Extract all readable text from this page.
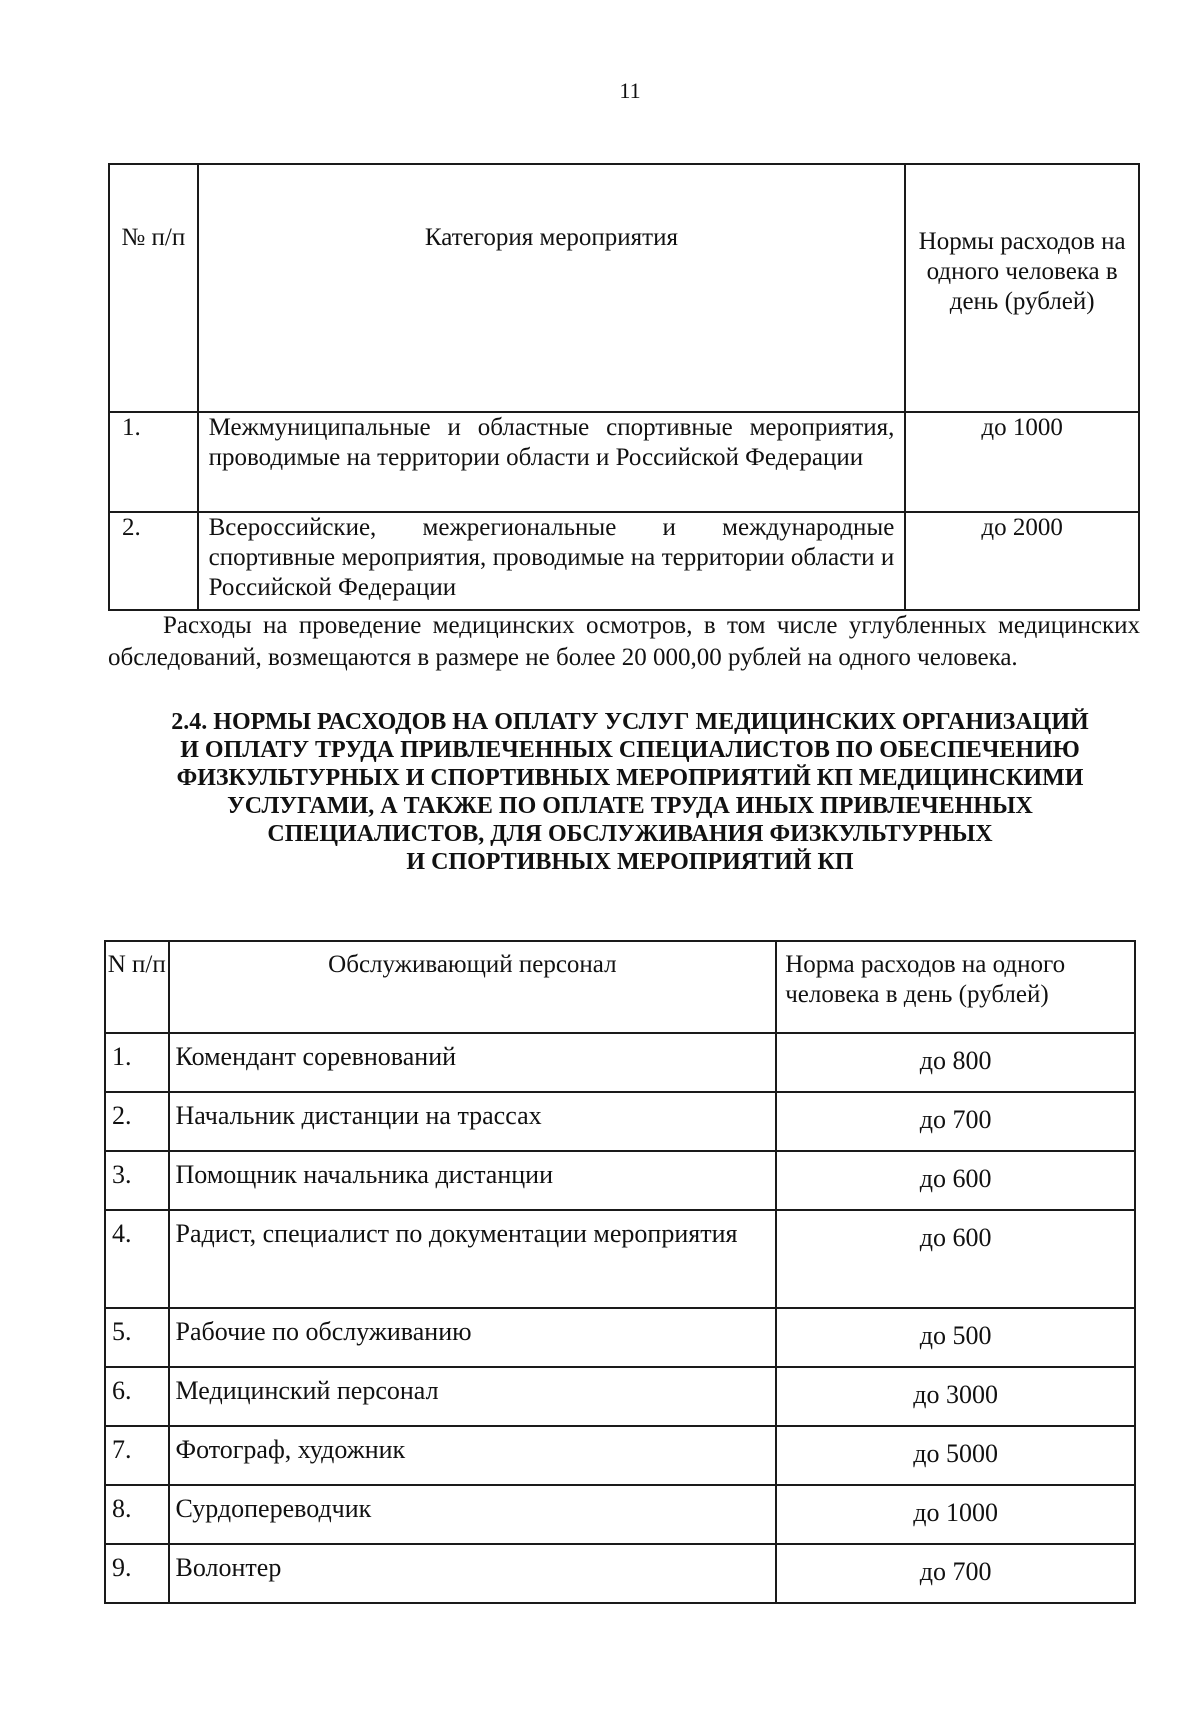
11
№ п/п	Категория мероприятия	Нормы расходов на одного человека в день (рублей)
1.	Межмуниципальные и областные спортивные мероприятия, проводимые на территории области и Российской Федерации	до 1000
2.	Всероссийские, межрегиональные и международные спортивные мероприятия, проводимые на территории области и Российской Федерации	до 2000

Расходы на проведение медицинских осмотров, в том числе углубленных медицинских обследований, возмещаются в размере не более 20 000,00 рублей на одного человека.

2.4. НОРМЫ РАСХОДОВ НА ОПЛАТУ УСЛУГ МЕДИЦИНСКИХ ОРГАНИЗАЦИЙ
И ОПЛАТУ ТРУДА ПРИВЛЕЧЕННЫХ СПЕЦИАЛИСТОВ ПО ОБЕСПЕЧЕНИЮ
ФИЗКУЛЬТУРНЫХ И СПОРТИВНЫХ МЕРОПРИЯТИЙ КП МЕДИЦИНСКИМИ
УСЛУГАМИ, А ТАКЖЕ ПО ОПЛАТЕ ТРУДА ИНЫХ ПРИВЛЕЧЕННЫХ
СПЕЦИАЛИСТОВ, ДЛЯ ОБСЛУЖИВАНИЯ ФИЗКУЛЬТУРНЫХ
И СПОРТИВНЫХ МЕРОПРИЯТИЙ КП
N п/п	Обслуживающий персонал	Норма расходов на одного человека в день (рублей)
1.	Комендант соревнований	до 800
2.	Начальник дистанции на трассах	до 700
3.	Помощник начальника дистанции	до 600
4.	Радист, специалист по документации мероприятия	до 600
5.	Рабочие по обслуживанию	до 500
6.	Медицинский персонал	до 3000
7.	Фотограф, художник	до 5000
8.	Сурдопереводчик	до 1000
9.	Волонтер	до 700
